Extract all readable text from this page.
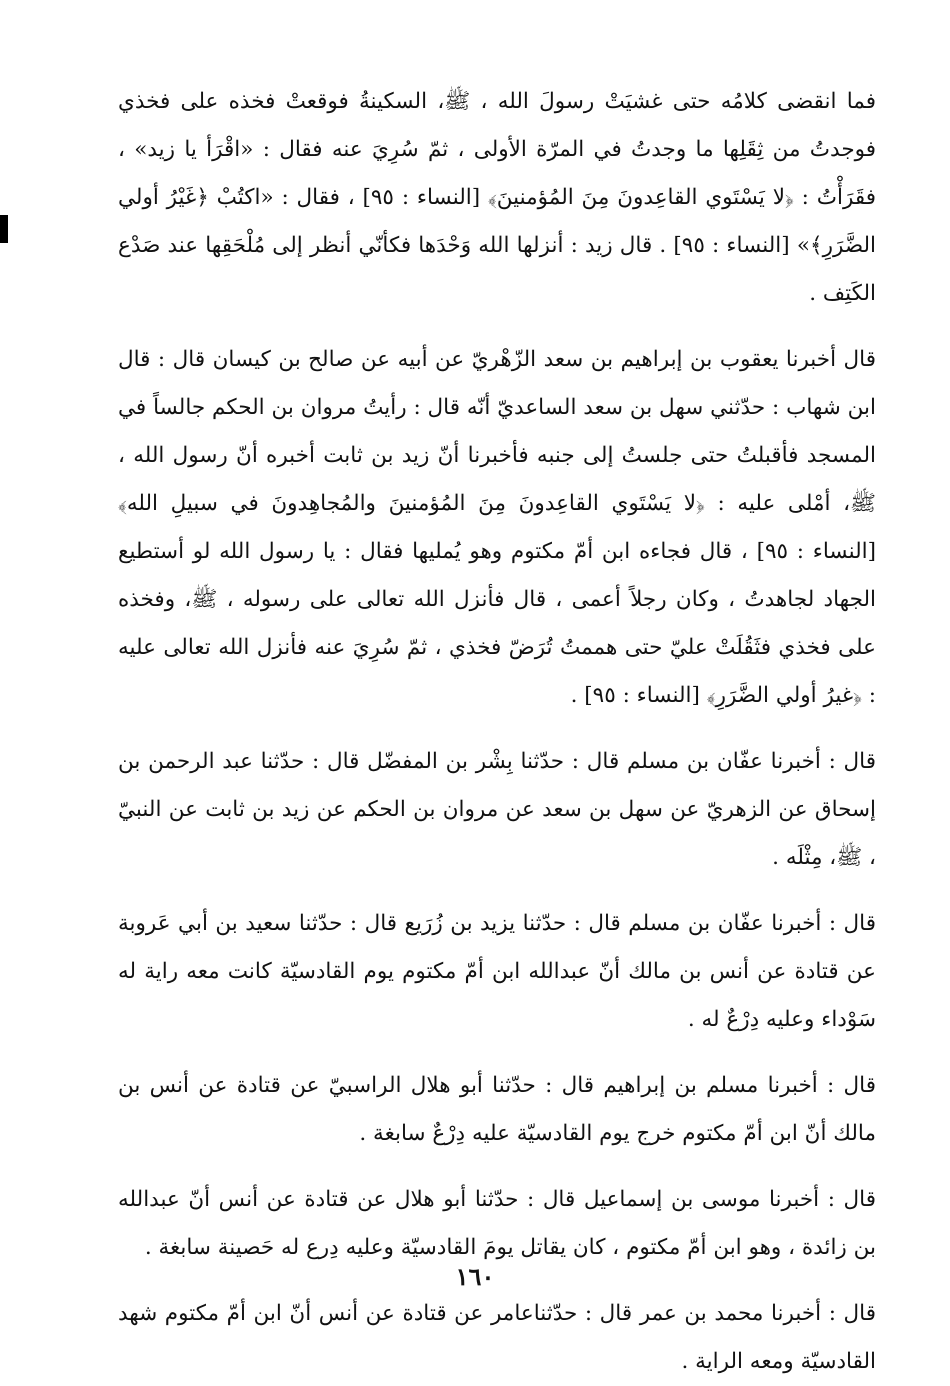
فما انقضى كلامُه حتى غشيَتْ رسولَ الله ، ﷺ، السكينةُ فوقعتْ فخذه على فخذي فوجدتُ من ثِقَلِها ما وجدتُ في المرّة الأولى ، ثمّ سُرِيَ عنه فقال : «اقْرَأ يا زيد» ، فقَرَأْتُ : ﴿لا يَسْتَوي القاعِدونَ مِنَ المُؤمنينَ﴾ [النساء : ٩٥] ، فقال : «اكتُبْ ﴿غَيْرُ أولي الضَّرَرِ﴾» [النساء : ٩٥] . قال زيد : أنزلها الله وَحْدَها فكأنّي أنظر إلى مُلْحَقِها عند صَدْع الكَتِف .

قال أخبرنا يعقوب بن إبراهيم بن سعد الزّهْريّ عن أبيه عن صالح بن كيسان قال : قال ابن شهاب : حدّثني سهل بن سعد الساعديّ أنّه قال : رأيتُ مروان بن الحكم جالساً في المسجد فأقبلتُ حتى جلستُ إلى جنبه فأخبرنا أنّ زيد بن ثابت أخبره أنّ رسول الله ، ﷺ، أمْلى عليه : ﴿لا يَسْتَوي القاعِدونَ مِنَ المُؤمنينَ والمُجاهِدونَ في سبيلِ الله﴾ [النساء : ٩٥] ، قال فجاءه ابن أمّ مكتوم وهو يُمليها فقال : يا رسول الله لو أستطيع الجهاد لجاهدتُ ، وكان رجلاً أعمى ، قال فأنزل الله تعالى على رسوله ، ﷺ، وفخذه على فخذي فثَقُلَتْ عليّ حتى هممتُ تُرَضّ فخذي ، ثمّ سُرِيَ عنه فأنزل الله تعالى عليه : ﴿غيرُ أولي الضَّرَرِ﴾ [النساء : ٩٥] .

قال : أخبرنا عفّان بن مسلم قال : حدّثنا بِشْر بن المفضّل قال : حدّثنا عبد الرحمن بن إسحاق عن الزهريّ عن سهل بن سعد عن مروان بن الحكم عن زيد بن ثابت عن النبيّ ، ﷺ، مِثْلَه .

قال : أخبرنا عفّان بن مسلم قال : حدّثنا يزيد بن زُرَيع قال : حدّثنا سعيد بن أبي عَروبة عن قتادة عن أنس بن مالك أنّ عبدالله ابن أمّ مكتوم يوم القادسيّة كانت معه راية له سَوْداء وعليه دِرْعٌ له .

قال : أخبرنا مسلم بن إبراهيم قال : حدّثنا أبو هلال الراسبيّ عن قتادة عن أنس بن مالك أنّ ابن أمّ مكتوم خرج يوم القادسيّة عليه دِرْعٌ سابغة .

قال : أخبرنا موسى بن إسماعيل قال : حدّثنا أبو هلال عن قتادة عن أنس أنّ عبدالله بن زائدة ، وهو ابن أمّ مكتوم ، كان يقاتل يومَ القادسيّة وعليه دِرع له حَصينة سابغة .

قال : أخبرنا محمد بن عمر قال : حدّثناعامر عن قتادة عن أنس أنّ ابن أمّ مكتوم شهد القادسيّة ومعه الراية .

١٦٠
